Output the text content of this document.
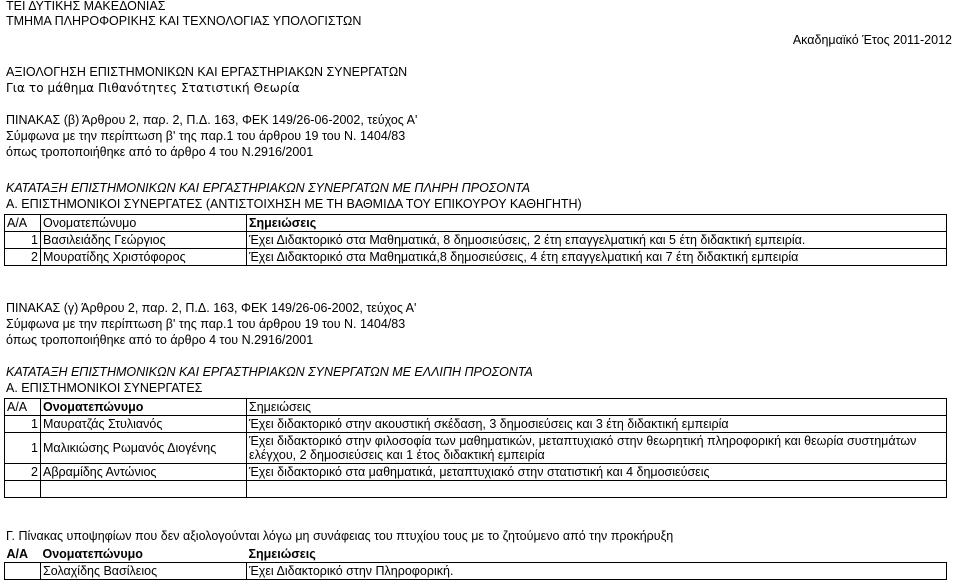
ΤΕΙ ΔΥΤΙΚΗΣ ΜΑΚΕΔΟΝΙΑΣ
ΤΜΗΜΑ ΠΛΗΡΟΦΟΡΙΚΗΣ ΚΑΙ ΤΕΧΝΟΛΟΓΙΑΣ ΥΠΟΛΟΓΙΣΤΩΝ
Ακαδημαϊκό Έτος 2011-2012
ΑΞΙΟΛΟΓΗΣΗ ΕΠΙΣΤΗΜΟΝΙΚΩΝ ΚΑΙ ΕΡΓΑΣΤΗΡΙΑΚΩΝ ΣΥΝΕΡΓΑΤΩΝ
Για το μάθημα Πιθανότητες Στατιστική Θεωρία
ΠΙΝΑΚΑΣ (β) Άρθρου 2, παρ. 2, Π.Δ. 163, ΦΕΚ 149/26-06-2002, τεύχος Α'
Σύμφωνα με την περίπτωση β' της παρ.1 του άρθρου 19 του Ν. 1404/83
όπως τροποποιήθηκε από το άρθρο 4 του Ν.2916/2001
ΚΑΤΑΤΑΞΗ ΕΠΙΣΤΗΜΟΝΙΚΩΝ ΚΑΙ ΕΡΓΑΣΤΗΡΙΑΚΩΝ ΣΥΝΕΡΓΑΤΩΝ ΜΕ ΠΛΗΡΗ ΠΡΟΣΟΝΤΑ
Α. ΕΠΙΣΤΗΜΟΝΙΚΟΙ ΣΥΝΕΡΓΑΤΕΣ (ΑΝΤΙΣΤΟΙΧΗΣΗ ΜΕ ΤΗ ΒΑΘΜΙΔΑ ΤΟΥ ΕΠΙΚΟΥΡΟΥ ΚΑΘΗΓΗΤΗ)
Α/Α	Ονοματεπώνυμο	Σημειώσεις
1	Βασιλειάδης Γεώργιος	Έχει Διδακτορικό στα Μαθηματικά, 8 δημοσιεύσεις, 2 έτη επαγγελματική και 5 έτη διδακτική εμπειρία.
2	Μουρατίδης Χριστόφορος	Έχει Διδακτορικό στα Μαθηματικά,8 δημοσιεύσεις, 4 έτη επαγγελματική και 7 έτη διδακτική εμπειρία
ΠΙΝΑΚΑΣ (γ) Άρθρου 2, παρ. 2, Π.Δ. 163, ΦΕΚ 149/26-06-2002, τεύχος Α'
Σύμφωνα με την περίπτωση β' της παρ.1 του άρθρου 19 του Ν. 1404/83
όπως τροποποιήθηκε από το άρθρο 4 του Ν.2916/2001
ΚΑΤΑΤΑΞΗ ΕΠΙΣΤΗΜΟΝΙΚΩΝ ΚΑΙ ΕΡΓΑΣΤΗΡΙΑΚΩΝ ΣΥΝΕΡΓΑΤΩΝ ΜΕ ΕΛΛΙΠΗ ΠΡΟΣΟΝΤΑ
Α. ΕΠΙΣΤΗΜΟΝΙΚΟΙ ΣΥΝΕΡΓΑΤΕΣ
Α/Α	Ονοματεπώνυμο	Σημειώσεις
1	Μαυρατζάς Στυλιανός	Έχει διδακτορικό στην ακουστική σκέδαση, 3 δημοσιεύσεις και 3 έτη διδακτική εμπειρία
1	Μαλικιώσης Ρωμανός Διογένης	Έχει διδακτορικό στην φιλοσοφία των μαθηματικών, μεταπτυχιακό στην θεωρητική πληροφορική και θεωρία συστημάτων ελέγχου, 2 δημοσιεύσεις και 1 έτος διδακτική εμπειρία
2	Αβραμίδης Αντώνιος	Έχει διδακτορικό στα μαθηματικά, μεταπτυχιακό στην στατιστική και 4 δημοσιεύσεις

Γ. Πίνακας υποψηφίων που δεν αξιολογούνται λόγω μη συνάφειας του πτυχίου τους με το ζητούμενο από την προκήρυξη
Α/Α	Ονοματεπώνυμο	Σημειώσεις
	Σολαχίδης Βασίλειος	Έχει Διδακτορικό στην Πληροφορική.
